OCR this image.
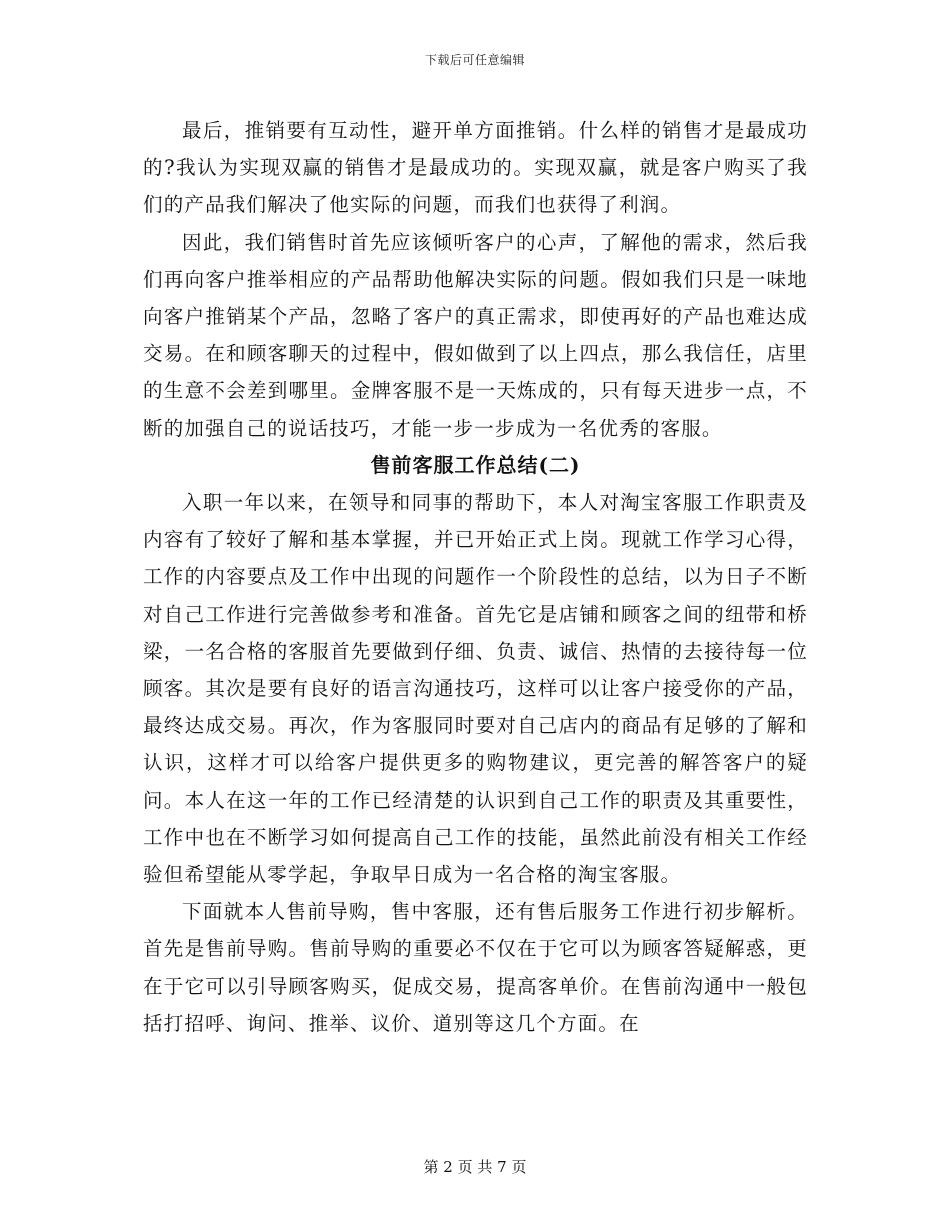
下载后可任意编辑

最后，推销要有互动性，避开单方面推销。什么样的销售才是最成功的?我认为实现双赢的销售才是最成功的。实现双赢，就是客户购买了我们的产品我们解决了他实际的问题，而我们也获得了利润。

因此，我们销售时首先应该倾听客户的心声，了解他的需求，然后我们再向客户推举相应的产品帮助他解决实际的问题。假如我们只是一味地向客户推销某个产品，忽略了客户的真正需求，即使再好的产品也难达成交易。在和顾客聊天的过程中，假如做到了以上四点，那么我信任，店里的生意不会差到哪里。金牌客服不是一天炼成的，只有每天进步一点，不断的加强自己的说话技巧，才能一步一步成为一名优秀的客服。

售前客服工作总结(二)

入职一年以来，在领导和同事的帮助下，本人对淘宝客服工作职责及内容有了较好了解和基本掌握，并已开始正式上岗。现就工作学习心得，工作的内容要点及工作中出现的问题作一个阶段性的总结，以为日子不断对自己工作进行完善做参考和准备。首先它是店铺和顾客之间的纽带和桥梁，一名合格的客服首先要做到仔细、负责、诚信、热情的去接待每一位顾客。其次是要有良好的语言沟通技巧，这样可以让客户接受你的产品，最终达成交易。再次，作为客服同时要对自己店内的商品有足够的了解和认识，这样才可以给客户提供更多的购物建议，更完善的解答客户的疑问。本人在这一年的工作已经清楚的认识到自己工作的职责及其重要性，工作中也在不断学习如何提高自己工作的技能，虽然此前没有相关工作经验但希望能从零学起，争取早日成为一名合格的淘宝客服。

下面就本人售前导购，售中客服，还有售后服务工作进行初步解析。首先是售前导购。售前导购的重要必不仅在于它可以为顾客答疑解惑，更在于它可以引导顾客购买，促成交易，提高客单价。在售前沟通中一般包括打招呼、询问、推举、议价、道别等这几个方面。在

第 2 页 共 7 页
